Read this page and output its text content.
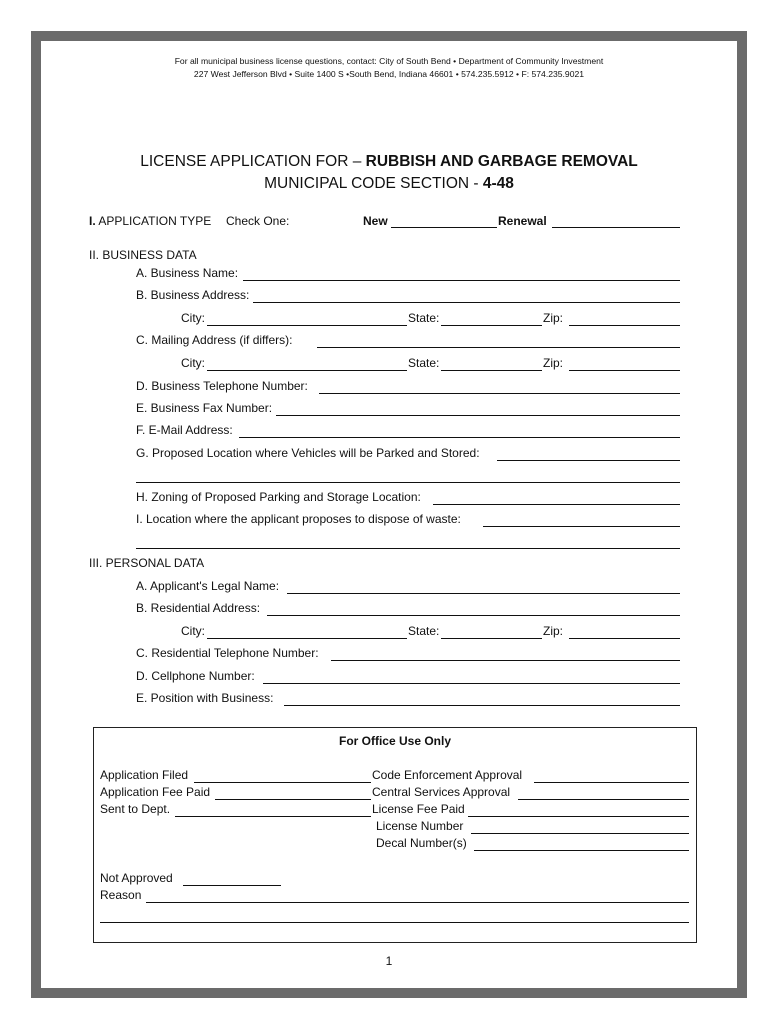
For all municipal business license questions, contact: City of South Bend • Department of Community Investment
227 West Jefferson Blvd • Suite 1400 S •South Bend, Indiana 46601 • 574.235.5912 • F: 574.235.9021
LICENSE APPLICATION FOR – RUBBISH AND GARBAGE REMOVAL
MUNICIPAL CODE SECTION - 4-48
I. APPLICATION TYPE Check One:	New	Renewal
II. BUSINESS DATA
A. Business Name:
B. Business Address:
City:	State:	Zip:
C. Mailing Address (if differs):
City:	State:	Zip:
D. Business Telephone Number:
E. Business Fax Number:
F. E-Mail Address:
G. Proposed Location where Vehicles will be Parked and Stored:
H. Zoning of Proposed Parking and Storage Location:
I. Location where the applicant proposes to dispose of waste:
III. PERSONAL DATA
A. Applicant's Legal Name:
B. Residential Address:
City:	State:	Zip:
C. Residential Telephone Number:
D. Cellphone Number:
E. Position with Business:
For Office Use Only
Application Filed	Code Enforcement Approval
Application Fee Paid	Central Services Approval
Sent to Dept.	License Fee Paid
License Number
Decal Number(s)
Not Approved
Reason
1
